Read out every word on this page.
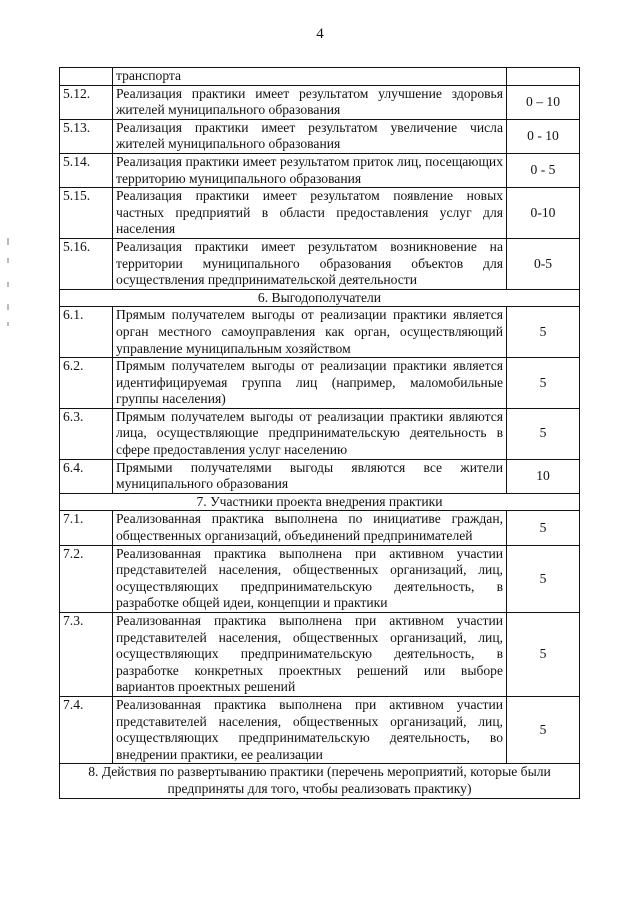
4
	транспорта	
5.12.	Реализация практики имеет результатом улучшение здоровья жителей муниципального образования	0 – 10
5.13.	Реализация практики имеет результатом увеличение числа жителей муниципального образования	0 - 10
5.14.	Реализация практики имеет результатом приток лиц, посещающих территорию муниципального образования	0 - 5
5.15.	Реализация практики имеет результатом появление новых частных предприятий в области предоставления услуг для населения	0-10
5.16.	Реализация практики имеет результатом возникновение на территории муниципального образования объектов для осуществления предпринимательской деятельности	0-5
6. Выгодополучатели		
6.1.	Прямым получателем выгоды от реализации практики является орган местного самоуправления как орган, осуществляющий управление муниципальным хозяйством	5
6.2.	Прямым получателем выгоды от реализации практики является идентифицируемая группа лиц (например, маломобильные группы населения)	5
6.3.	Прямым получателем выгоды от реализации практики являются лица, осуществляющие предпринимательскую деятельность в сфере предоставления услуг населению	5
6.4.	Прямыми получателями выгоды являются все жители муниципального образования	10
7. Участники проекта внедрения практики		
7.1.	Реализованная практика выполнена по инициативе граждан, общественных организаций, объединений предпринимателей	5
7.2.	Реализованная практика выполнена при активном участии представителей населения, общественных организаций, лиц, осуществляющих предпринимательскую деятельность, в разработке общей идеи, концепции и практики	5
7.3.	Реализованная практика выполнена при активном участии представителей населения, общественных организаций, лиц, осуществляющих предпринимательскую деятельность, в разработке конкретных проектных решений или выборе вариантов проектных решений	5
7.4.	Реализованная практика выполнена при активном участии представителей населения, общественных организаций, лиц, осуществляющих предпринимательскую деятельность, во внедрении практики, ее реализации	5
8. Действия по развертыванию практики (перечень мероприятий, которые были предприняты для того, чтобы реализовать практику)		
